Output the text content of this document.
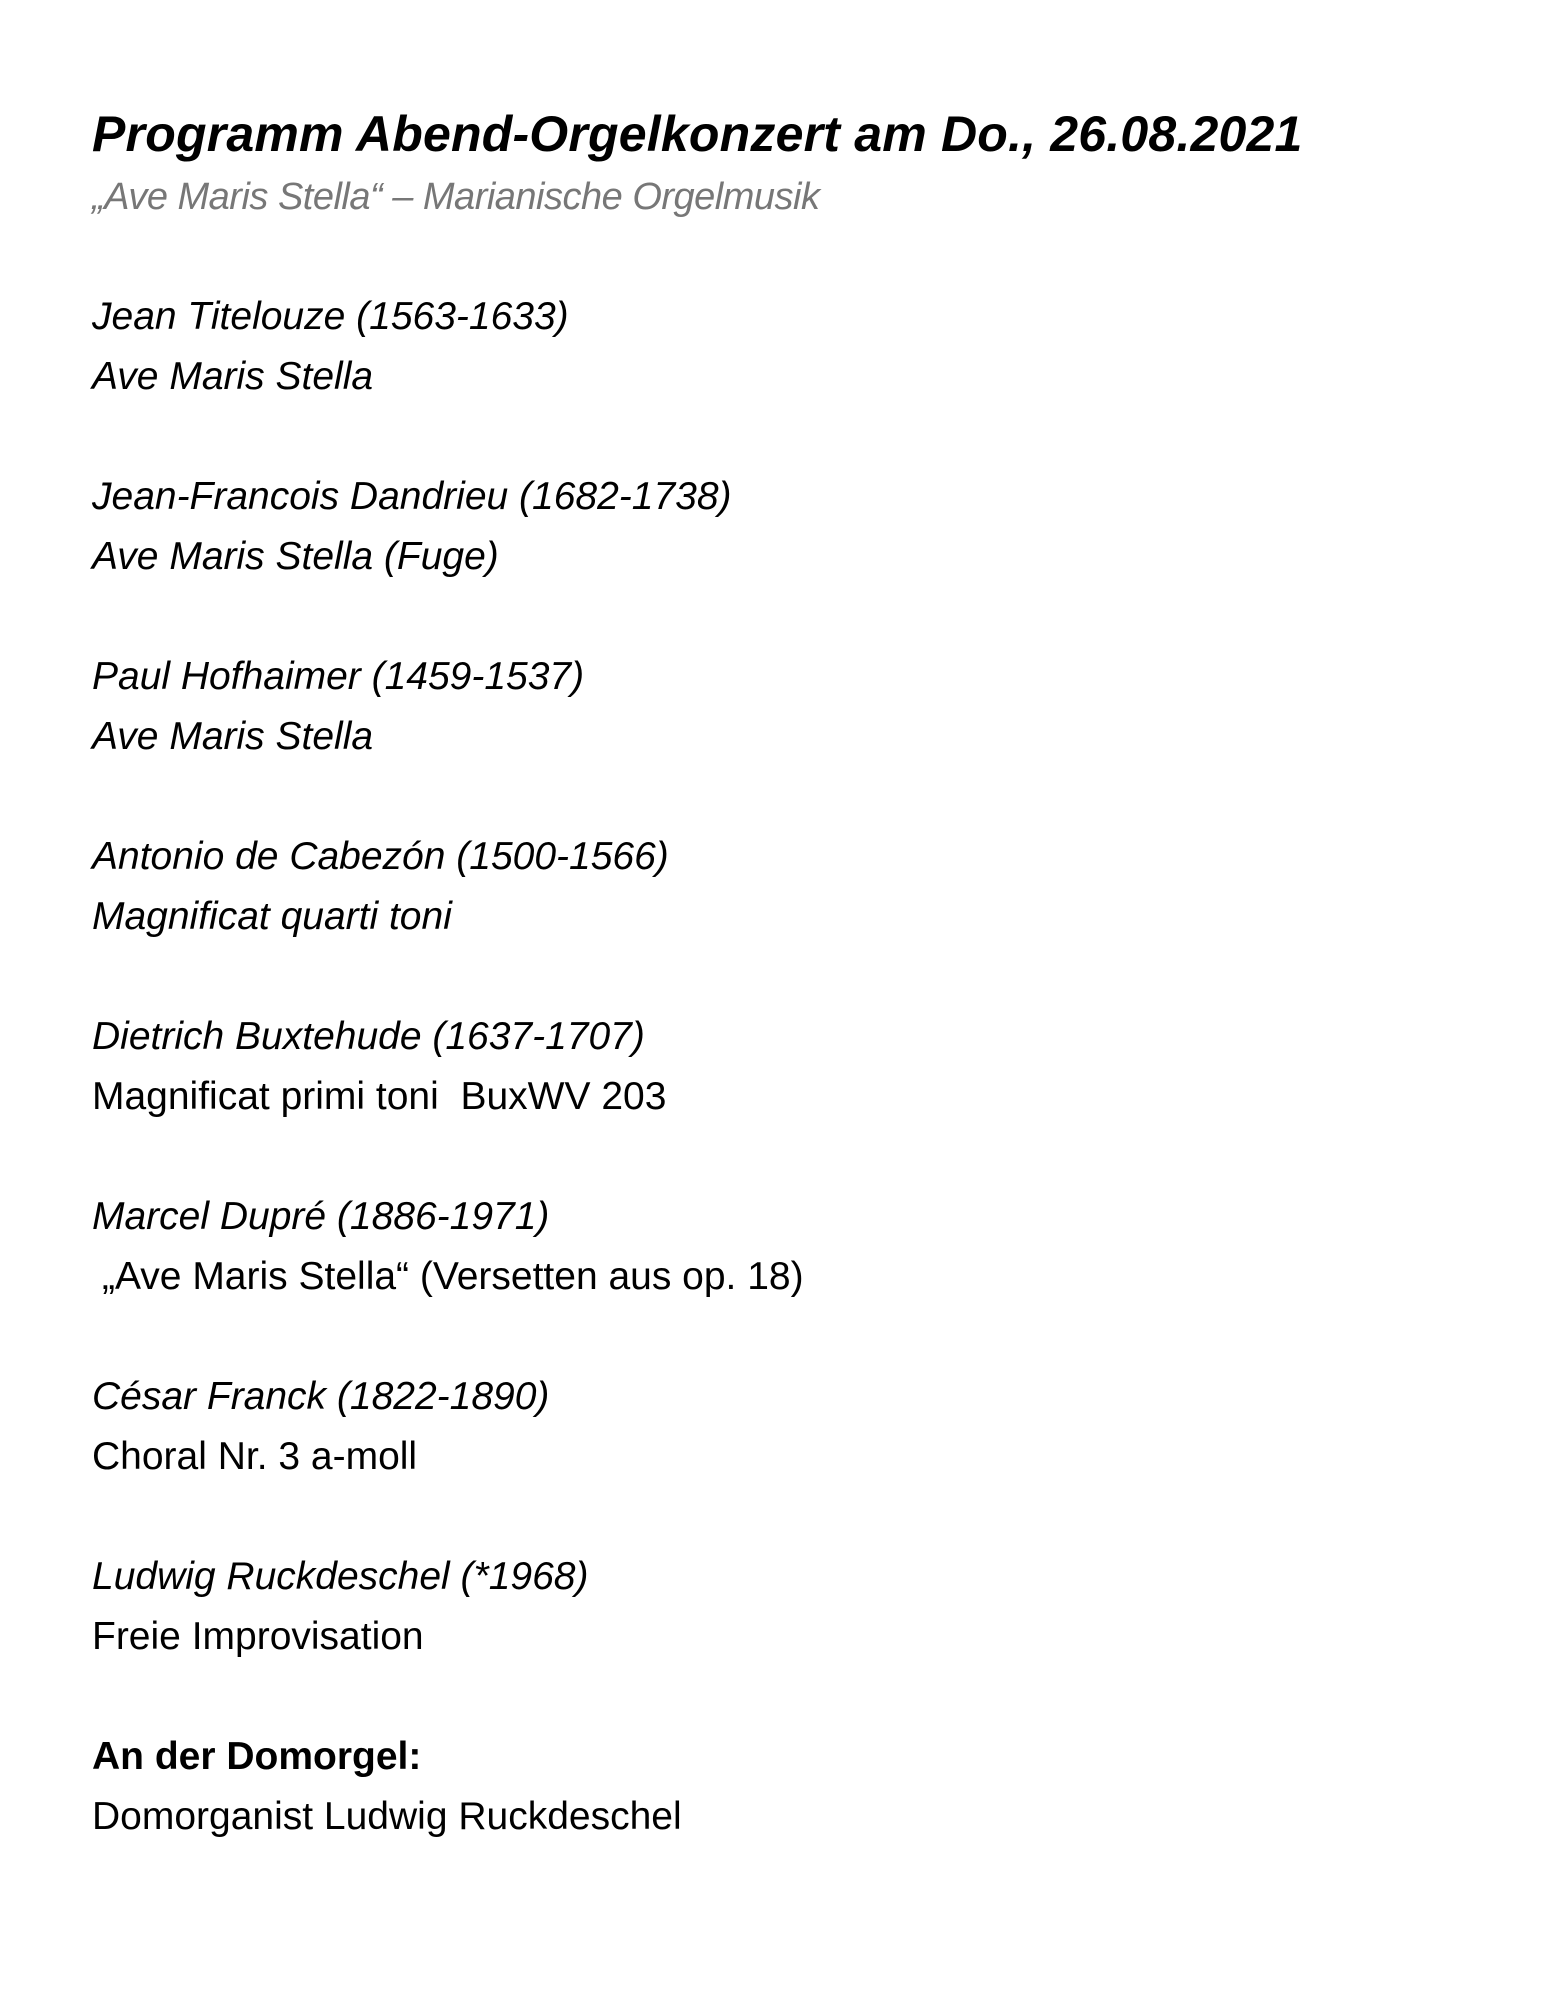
Programm Abend-Orgelkonzert am Do., 26.08.2021
„Ave Maris Stella“ – Marianische Orgelmusik
Jean Titelouze (1563-1633)
Ave Maris Stella
Jean-Francois Dandrieu (1682-1738)
Ave Maris Stella (Fuge)
Paul Hofhaimer (1459-1537)
Ave Maris Stella
Antonio de Cabezón (1500-1566)
Magnificat quarti toni
Dietrich Buxtehude (1637-1707)
Magnificat primi toni  BuxWV 203
Marcel Dupré (1886-1971)
„Ave Maris Stella“ (Versetten aus op. 18)
César Franck (1822-1890)
Choral Nr. 3 a-moll
Ludwig Ruckdeschel (*1968)
Freie Improvisation
An der Domorgel:
Domorganist Ludwig Ruckdeschel
